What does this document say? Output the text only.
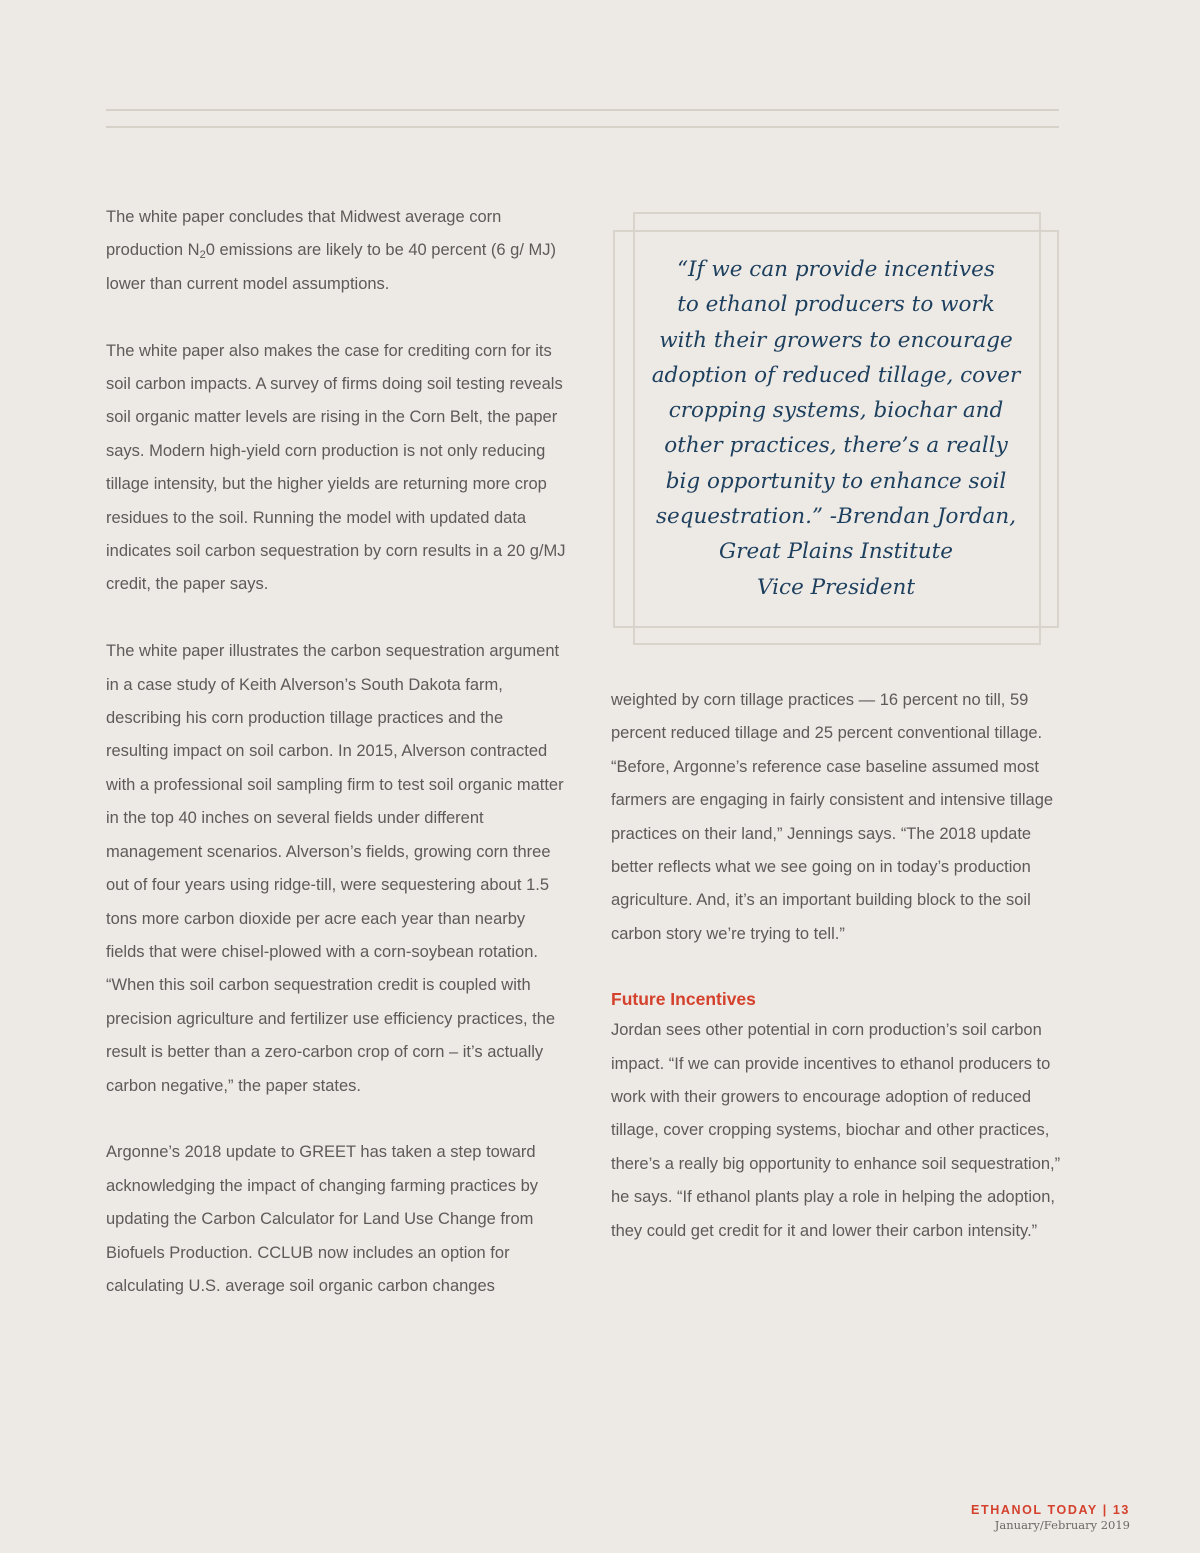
The white paper concludes that Midwest average corn production $N_20$ emissions are likely to be 40 percent (6 g/ MJ) lower than current model assumptions.

The white paper also makes the case for crediting corn for its soil carbon impacts. A survey of firms doing soil testing reveals soil organic matter levels are rising in the Corn Belt, the paper says. Modern high-yield corn production is not only reducing tillage intensity, but the higher yields are returning more crop residues to the soil. Running the model with updated data indicates soil carbon sequestration by corn results in a 20 g/MJ credit, the paper says.

The white paper illustrates the carbon sequestration argument in a case study of Keith Alverson’s South Dakota farm, describing his corn production tillage practices and the resulting impact on soil carbon. In 2015, Alverson contracted with a professional soil sampling firm to test soil organic matter in the top 40 inches on several fields under different management scenarios. Alverson’s fields, growing corn three out of four years using ridge-till, were sequestering about 1.5 tons more carbon dioxide per acre each year than nearby fields that were chisel-plowed with a corn-soybean rotation. “When this soil carbon sequestration credit is coupled with precision agriculture and fertilizer use efficiency practices, the result is better than a zero-carbon crop of corn – it’s actually carbon negative,” the paper states.

Argonne’s 2018 update to GREET has taken a step toward acknowledging the impact of changing farming practices by updating the Carbon Calculator for Land Use Change from Biofuels Production. CCLUB now includes an option for calculating U.S. average soil organic carbon changes

“If we can provide incentives
to ethanol producers to work
with their growers to encourage
adoption of reduced tillage, cover
cropping systems, biochar and
other practices, there’s a really
big opportunity to enhance soil
sequestration.” -Brendan Jordan,
Great Plains Institute
Vice President

weighted by corn tillage practices — 16 percent no till, 59 percent reduced tillage and 25 percent conventional tillage. “Before, Argonne’s reference case baseline assumed most farmers are engaging in fairly consistent and intensive tillage practices on their land,” Jennings says. “The 2018 update better reflects what we see going on in today’s production agriculture. And, it’s an important building block to the soil carbon story we’re trying to tell.”

Future Incentives

Jordan sees other potential in corn production’s soil carbon impact. “If we can provide incentives to ethanol producers to work with their growers to encourage adoption of reduced tillage, cover cropping systems, biochar and other practices, there’s a really big opportunity to enhance soil sequestration,” he says. “If ethanol plants play a role in helping the adoption, they could get credit for it and lower their carbon intensity.”

ETHANOL TODAY | 13
January/February 2019
